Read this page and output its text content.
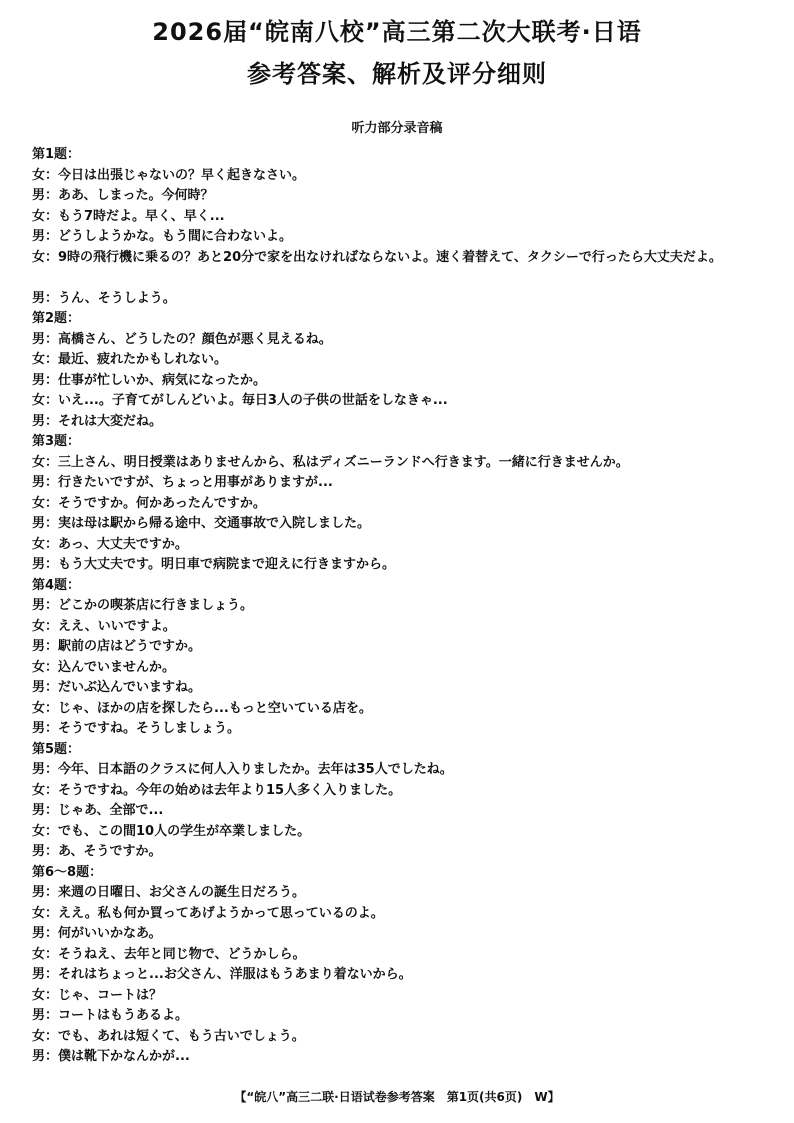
2026届“皖南八校”高三第二次大联考·日语
参考答案、解析及评分细则
听力部分录音稿
第1题：
女：今日は出張じゃないの？早く起きなさい。
男：ああ、しまった。今何時？
女：もう7時だよ。早く、早く...
男：どうしようかな。もう間に合わないよ。
女：9時の飛行機に乗るの？あと20分で家を出なければならないよ。速く着替えて、タクシーで行ったら大丈夫だよ。
男：うん、そうしよう。
第2题：
男：高橋さん、どうしたの？顔色が悪く見えるね。
女：最近、疲れたかもしれない。
男：仕事が忙しいか、病気になったか。
女：いえ...。子育てがしんどいよ。毎日3人の子供の世話をしなきゃ...
男：それは大変だね。
第3题：
女：三上さん、明日授業はありませんから、私はディズニーランドへ行きます。一緒に行きませんか。
男：行きたいですが、ちょっと用事がありますが...
女：そうですか。何かあったんですか。
男：実は母は駅から帰る途中、交通事故で入院しました。
女：あっ、大丈夫ですか。
男：もう大丈夫です。明日車で病院まで迎えに行きますから。
第4题：
男：どこかの喫茶店に行きましょう。
女：ええ、いいですよ。
男：駅前の店はどうですか。
女：込んでいませんか。
男：だいぶ込んでいますね。
女：じゃ、ほかの店を探したら...もっと空いている店を。
男：そうですね。そうしましょう。
第5题：
男：今年、日本語のクラスに何人入りましたか。去年は35人でしたね。
女：そうですね。今年の始めは去年より15人多く入りました。
男：じゃあ、全部で...
女：でも、この間10人の学生が卒業しました。
男：あ、そうですか。
第6～8题：
男：来週の日曜日、お父さんの誕生日だろう。
女：ええ。私も何か買ってあげようかって思っているのよ。
男：何がいいかなあ。
女：そうねえ、去年と同じ物で、どうかしら。
男：それはちょっと...お父さん、洋服はもうあまり着ないから。
女：じゃ、コートは？
男：コートはもうあるよ。
女：でも、あれは短くて、もう古いでしょう。
男：僕は靴下かなんかが...
【“皖八”高三二联·日语试卷参考答案　第1页(共6页)　W】
